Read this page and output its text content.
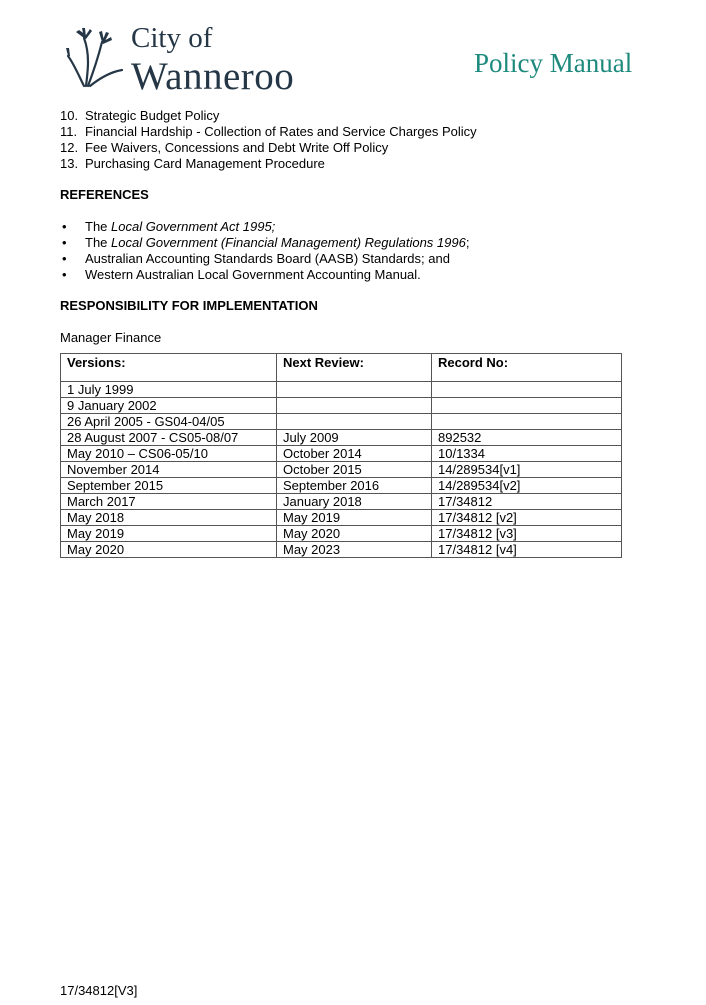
City of
Wanneroo	Policy Manual
10. Strategic Budget Policy
11. Financial Hardship - Collection of Rates and Service Charges Policy
12. Fee Waivers, Concessions and Debt Write Off Policy
13. Purchasing Card Management Procedure
REFERENCES
•	The Local Government Act 1995;
•	The Local Government (Financial Management) Regulations 1996;
•	Australian Accounting Standards Board (AASB) Standards; and
•	Western Australian Local Government Accounting Manual.
RESPONSIBILITY FOR IMPLEMENTATION
Manager Finance
Versions:	Next Review:	Record No:
1 July 1999		
9 January 2002		
26 April 2005 - GS04-04/05		
28 August 2007 - CS05-08/07	July 2009	892532
May 2010 – CS06-05/10	October 2014	10/1334
November 2014	October 2015	14/289534[v1]
September 2015	September 2016	14/289534[v2]
March 2017	January 2018	17/34812
May 2018	May 2019	17/34812 [v2]
May 2019	May 2020	17/34812 [v3]
May 2020	May 2023	17/34812 [v4]
17/34812[V3]
